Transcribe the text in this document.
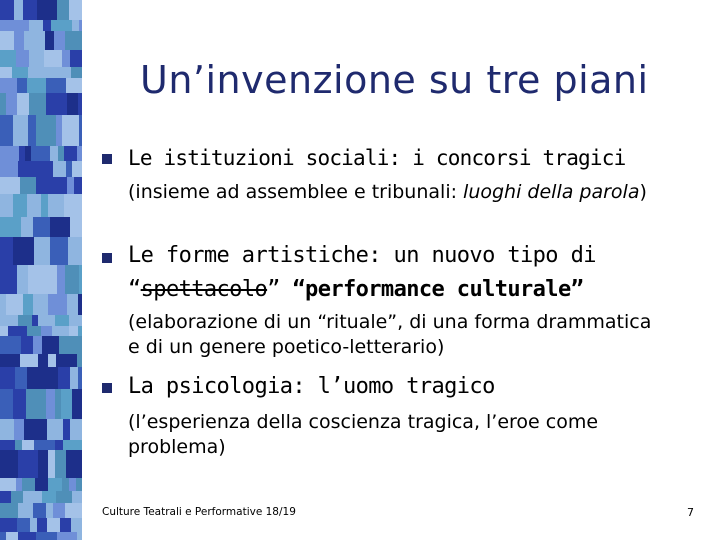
Un’invenzione su tre piani
Le istituzioni sociali: i concorsi tragici
(insieme ad assemblee e tribunali: luoghi della parola)
Le forme artistiche: un nuovo tipo di
“spettacolo” “performance culturale”
(elaborazione di un “rituale”, di una forma drammatica e di un genere poetico-letterario)
La psicologia: l’uomo tragico
(l’esperienza della coscienza tragica, l’eroe come problema)
Culture Teatrali e Performative 18/19	7
